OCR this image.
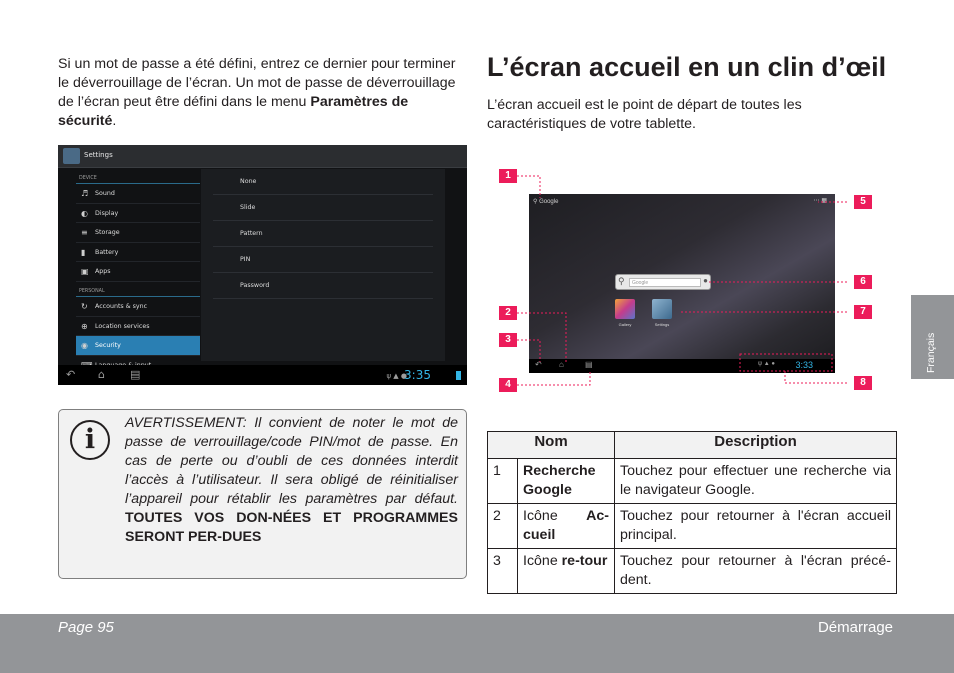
Si un mot de passe a été défini, entrez ce dernier pour terminer le déverrouillage de l’écran. Un mot de passe de déverrouillage de l’écran peut être défini dans le menu Paramètres de sécurité.

Settings
DEVICE
♬ Sound
◐ Display
≡ Storage
▮	Battery
▣ Apps
PERSONAL
↻ Accounts & sync
⊕ Location services
◉ Security
None
Slide
Pattern
PIN
Password
↶ ⌂ ▤	ψ ▲ ●
3:35
i

AVERTISSEMENT: Il convient de noter le mot de passe de verrouillage/code PIN/mot de passe. En cas de perte ou d’oubli de ces données interdit l’accès à l’utilisateur. Il sera obligé de réinitialiser l’appareil pour rétablir les paramètres par défaut. TOUTES VOS DON-NÉES ET PROGRAMMES SERONT PER-DUES

L’écran accueil en un clin d’œil

L’écran accueil est le point de départ de toutes les caractéristiques de votre tablette.

⚲ Google	⋯ ▦
⚲	Google	●
Gallery	Settings
↶ ⌂	▤	ψ ▲ ● 3:33
1
2
3
4
5
6
7
8
Nom		Description
1	Recherche Google	Touchez pour effectuer une recherche via le navigateur Google.
2	Icône Ac-cueil	Touchez pour retourner à l'écran accueil principal.
3	Icône re-tour	Touchez pour retourner à l'écran précé-dent.
Français
Page 95	Démarrage
